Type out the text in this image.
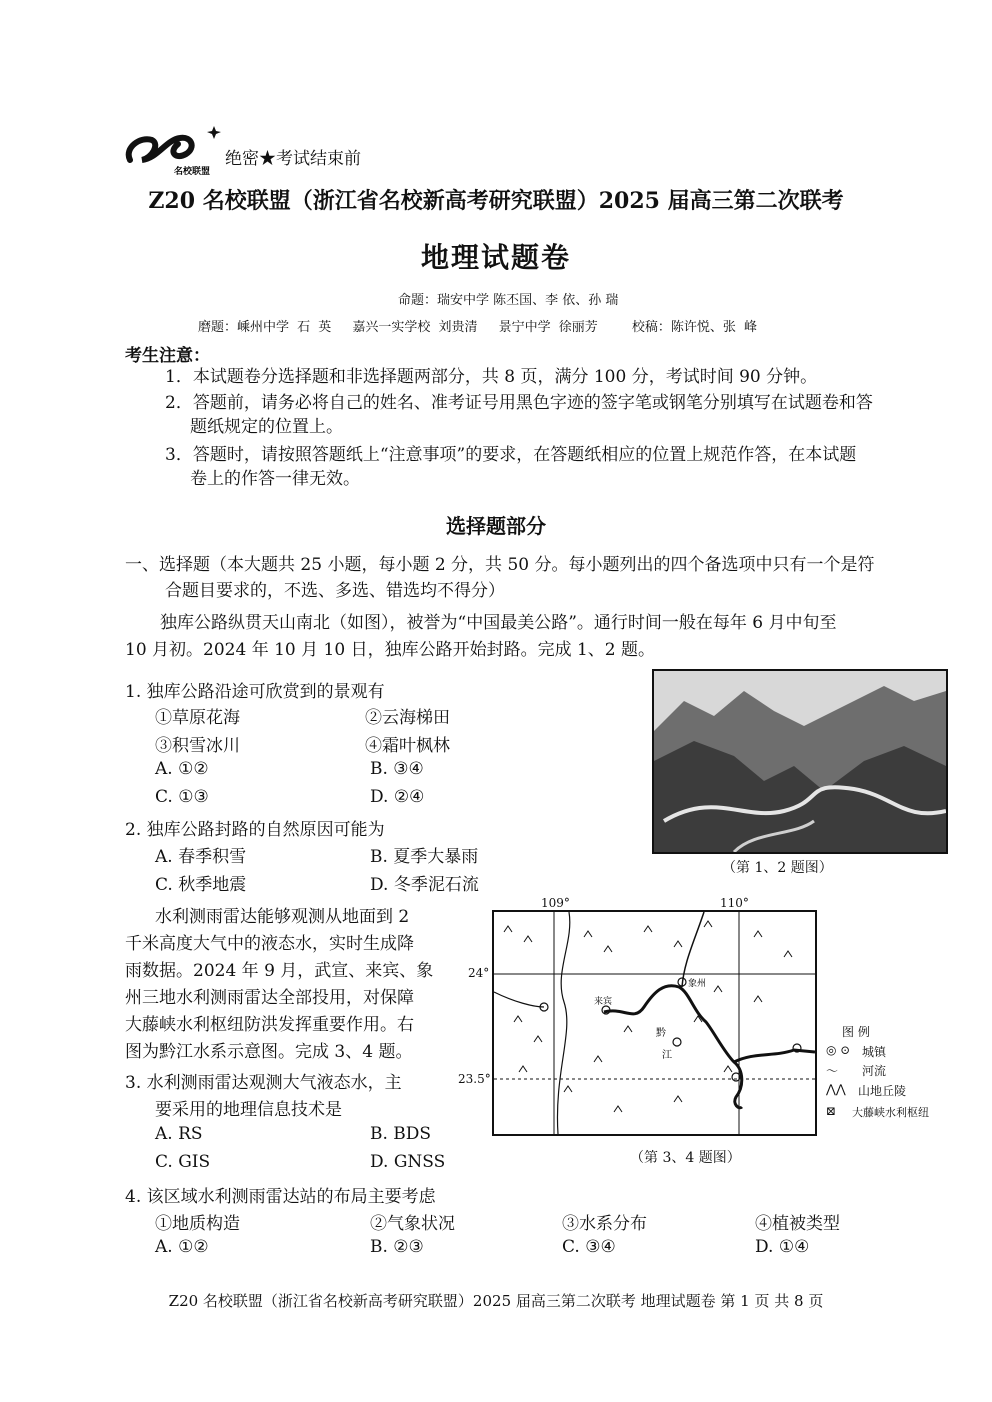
名校联盟
绝密★考试结束前
Z20 名校联盟（浙江省名校新高考研究联盟）2025 届高三第二次联考
地理试题卷
命题：瑞安中学 陈丕国、李 依、孙 瑞
磨题：嵊州中学 石 英　 嘉兴一实学校 刘贵清　 景宁中学 徐丽芳　　 校稿：陈许悦、张 峰
考生注意：
1．本试题卷分选择题和非选择题两部分，共 8 页，满分 100 分，考试时间 90 分钟。
2．答题前，请务必将自己的姓名、准考证号用黑色字迹的签字笔或钢笔分别填写在试题卷和答
题纸规定的位置上。
3．答题时，请按照答题纸上“注意事项”的要求，在答题纸相应的位置上规范作答，在本试题
卷上的作答一律无效。
选择题部分
一、选择题（本大题共 25 小题，每小题 2 分，共 50 分。每小题列出的四个备选项中只有一个是符
合题目要求的，不选、多选、错选均不得分）
独库公路纵贯天山南北（如图），被誉为“中国最美公路”。通行时间一般在每年 6 月中旬至
10 月初。2024 年 10 月 10 日，独库公路开始封路。完成 1、2 题。
1. 独库公路沿途可欣赏到的景观有
①草原花海	②云海梯田
③积雪冰川	④霜叶枫林
A. ①②	B. ③④
C. ①③	D. ②④
2. 独库公路封路的自然原因可能为
A. 春季积雪	B. 夏季大暴雨
C. 秋季地震	D. 冬季泥石流
（第 1、2 题图）
水利测雨雷达能够观测从地面到 2
千米高度大气中的液态水，实时生成降
雨数据。2024 年 9 月，武宣、来宾、象
州三地水利测雨雷达全部投用，对保障
大藤峡水利枢纽防洪发挥重要作用。右
图为黔江水系示意图。完成 3、4 题。
3. 水利测雨雷达观测大气液态水，主
要采用的地理信息技术是
A. RS	B. BDS
C. GIS	D. GNSS
109°	110°
24°
23.5°
来宾
象州
黔
江
图 例
◎ ⊙ 城镇
〜 河流
⋀⋀ 山地丘陵
⊠ 大藤峡水利枢纽
（第 3、4 题图）
4. 该区域水利测雨雷达站的布局主要考虑
①地质构造	②气象状况	③水系分布	④植被类型
A. ①②	B. ②③	C. ③④	D. ①④
Z20 名校联盟（浙江省名校新高考研究联盟）2025 届高三第二次联考 地理试题卷 第 1 页 共 8 页
